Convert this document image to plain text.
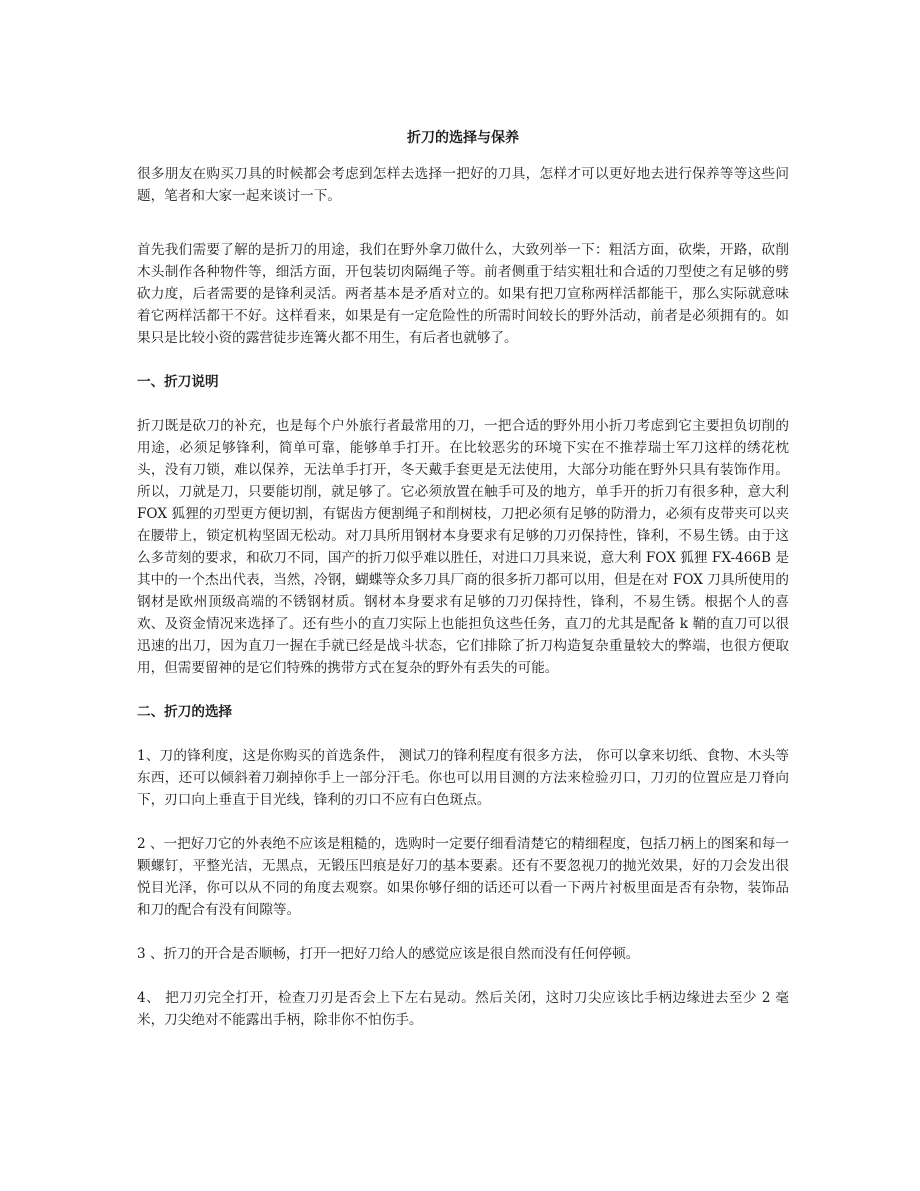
折刀的选择与保养

很多朋友在购买刀具的时候都会考虑到怎样去选择一把好的刀具，怎样才可以更好地去进行保养等等这些问题，笔者和大家一起来谈讨一下。

首先我们需要了解的是折刀的用途，我们在野外拿刀做什么，大致列举一下：粗活方面，砍柴，开路，砍削木头制作各种物件等，细活方面，开包装切肉隔绳子等。前者侧重于结实粗壮和合适的刀型使之有足够的劈砍力度，后者需要的是锋利灵活。两者基本是矛盾对立的。如果有把刀宣称两样活都能干，那么实际就意味着它两样活都干不好。这样看来，如果是有一定危险性的所需时间较长的野外活动，前者是必须拥有的。如果只是比较小资的露营徒步连篝火都不用生，有后者也就够了。

一、折刀说明

折刀既是砍刀的补充，也是每个户外旅行者最常用的刀，一把合适的野外用小折刀考虑到它主要担负切削的用途，必须足够锋利，简单可靠，能够单手打开。在比较恶劣的环境下实在不推荐瑞士军刀这样的绣花枕头，没有刀锁，难以保养，无法单手打开，冬天戴手套更是无法使用，大部分功能在野外只具有装饰作用。所以，刀就是刀，只要能切削，就足够了。它必须放置在触手可及的地方，单手开的折刀有很多种，意大利 FOX 狐狸的刃型更方便切割，有锯齿方便割绳子和削树枝，刀把必须有足够的防滑力，必须有皮带夹可以夹在腰带上，锁定机构坚固无松动。对刀具所用钢材本身要求有足够的刀刃保持性，锋利，不易生锈。由于这么多苛刻的要求，和砍刀不同，国产的折刀似乎难以胜任，对进口刀具来说，意大利 FOX 狐狸 FX-466B 是其中的一个杰出代表，当然，冷钢，蝴蝶等众多刀具厂商的很多折刀都可以用，但是在对 FOX 刀具所使用的钢材是欧州顶级高端的不锈钢材质。钢材本身要求有足够的刀刃保持性，锋利，不易生锈。根据个人的喜欢、及资金情况来选择了。还有些小的直刀实际上也能担负这些任务，直刀的尤其是配备 k 鞘的直刀可以很迅速的出刀，因为直刀一握在手就已经是战斗状态，它们排除了折刀构造复杂重量较大的弊端，也很方便取用，但需要留神的是它们特殊的携带方式在复杂的野外有丢失的可能。

二、折刀的选择

1、刀的锋利度，这是你购买的首选条件， 测试刀的锋利程度有很多方法， 你可以拿来切纸、食物、木头等东西，还可以倾斜着刀剃掉你手上一部分汗毛。你也可以用目测的方法来检验刃口，刀刃的位置应是刀脊向下，刃口向上垂直于目光线，锋利的刃口不应有白色斑点。

2 、一把好刀它的外表绝不应该是粗糙的，选购时一定要仔细看清楚它的精细程度，包括刀柄上的图案和每一颗螺钉，平整光洁，无黑点，无锻压凹痕是好刀的基本要素。还有不要忽视刀的抛光效果，好的刀会发出很悦目光泽，你可以从不同的角度去观察。如果你够仔细的话还可以看一下两片衬板里面是否有杂物，装饰品和刀的配合有没有间隙等。

3 、折刀的开合是否顺畅，打开一把好刀给人的感觉应该是很自然而没有任何停顿。

4、 把刀刃完全打开，检查刀刃是否会上下左右晃动。然后关闭，这时刀尖应该比手柄边缘进去至少 2 毫米，刀尖绝对不能露出手柄，除非你不怕伤手。
